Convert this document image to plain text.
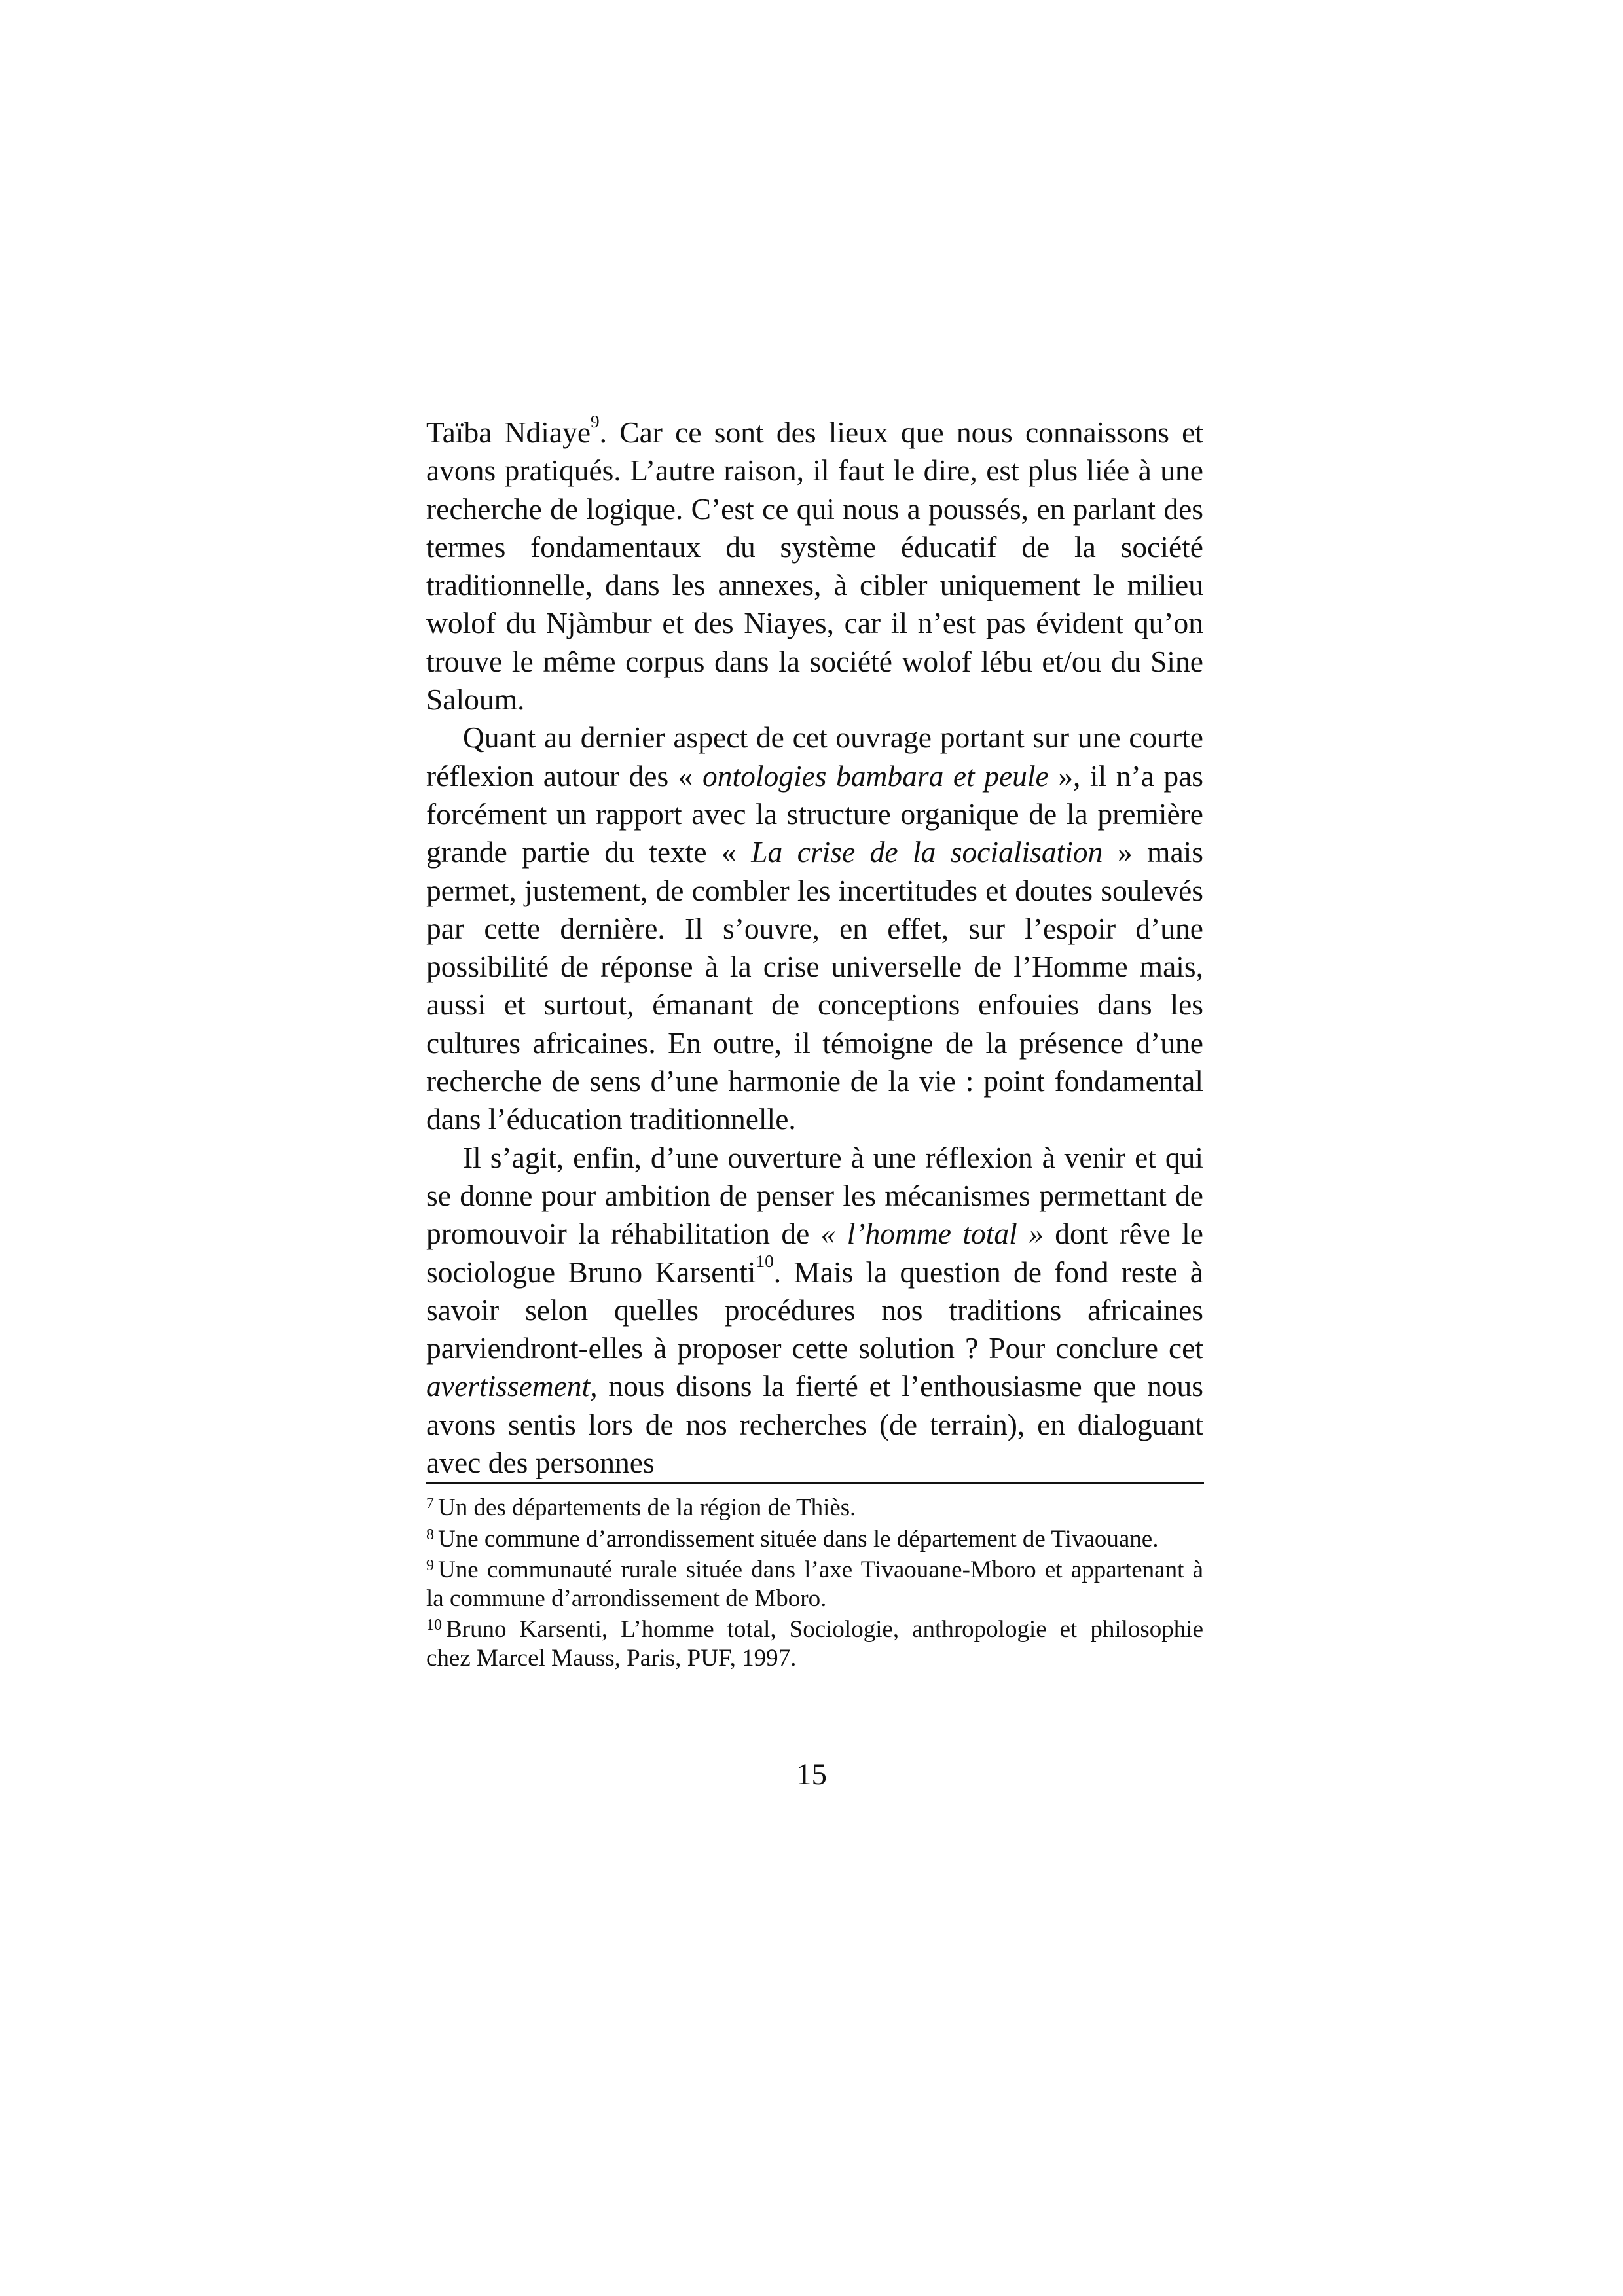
Taïba Ndiaye$^9$. Car ce sont des lieux que nous connaissons et avons pratiqués. L’autre raison, il faut le dire, est plus liée à une recherche de logique. C’est ce qui nous a poussés, en parlant des termes fondamentaux du système éducatif de la société traditionnelle, dans les annexes, à cibler uniquement le milieu wolof du Njàmbur et des Niayes, car il n’est pas évident qu’on trouve le même corpus dans la société wolof lébu et/ou du Sine Saloum.

Quant au dernier aspect de cet ouvrage portant sur une courte réflexion autour des « ontologies bambara et peule », il n’a pas forcément un rapport avec la structure organique de la première grande partie du texte « La crise de la socialisation » mais permet, justement, de combler les incertitudes et doutes soulevés par cette dernière. Il s’ouvre, en effet, sur l’espoir d’une possibilité de réponse à la crise universelle de l’Homme mais, aussi et surtout, émanant de conceptions enfouies dans les cultures africaines. En outre, il témoigne de la présence d’une recherche de sens d’une harmonie de la vie : point fondamental dans l’éducation traditionnelle.

Il s’agit, enfin, d’une ouverture à une réflexion à venir et qui se donne pour ambition de penser les mécanismes permettant de promouvoir la réhabilitation de « l’homme total » dont rêve le sociologue Bruno Karsenti$^{10}$. Mais la question de fond reste à savoir selon quelles procédures nos traditions africaines parviendront-elles à proposer cette solution ? Pour conclure cet avertissement, nous disons la fierté et l’enthousiasme que nous avons sentis lors de nos recherches (de terrain), en dialoguant avec des personnes

$^7$ Un des départements de la région de Thiès.

$^8$ Une commune d’arrondissement située dans le département de Tivaouane.

$^9$ Une communauté rurale située dans l’axe Tivaouane-Mboro et appartenant à la commune d’arrondissement de Mboro.

$^{10}$ Bruno Karsenti, L’homme total, Sociologie, anthropologie et philosophie chez Marcel Mauss, Paris, PUF, 1997.

15
